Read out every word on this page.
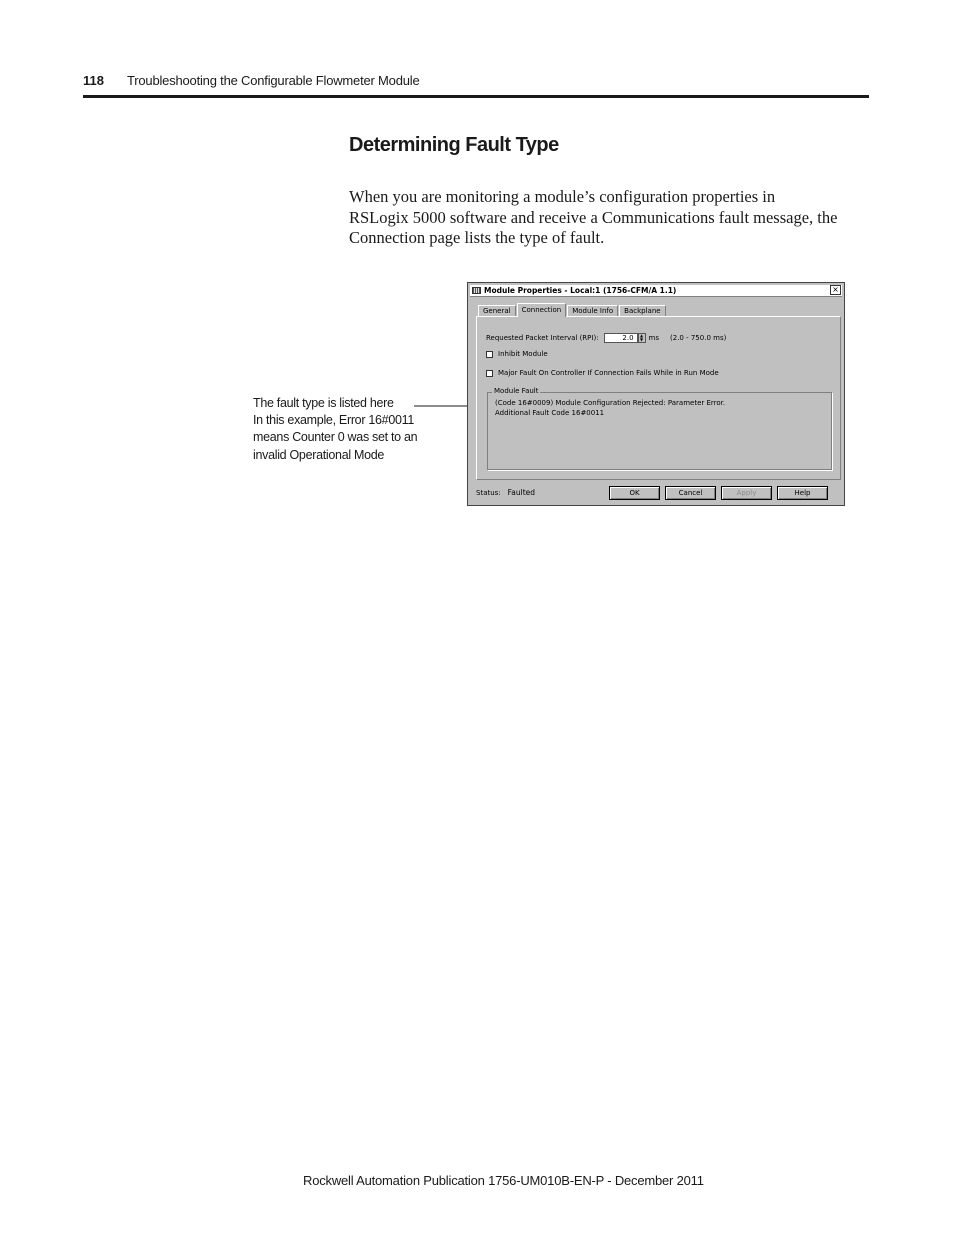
118 Troubleshooting the Configurable Flowmeter Module
Determining Fault Type
When you are monitoring a module’s configuration properties in
RSLogix 5000 software and receive a Communications fault message, the
Connection page lists the type of fault.
The fault type is listed here
In this example, Error 16#0011
means Counter 0 was set to an
invalid Operational Mode
Module Properties - Local:1 (1756-CFM/A 1.1)	×
General	Connection	Module Info	Backplane
Requested Packet Interval (RPI):	2.0	▲
▼ ms (2.0 - 750.0 ms)
Inhibit Module
Major Fault On Controller If Connection Fails While in Run Mode
Module Fault
(Code 16#0009) Module Configuration Rejected: Parameter Error.
Additional Fault Code 16#0011
Status: Faulted	OK	Cancel	Apply	Help
Rockwell Automation Publication 1756-UM010B-EN-P - December 2011
